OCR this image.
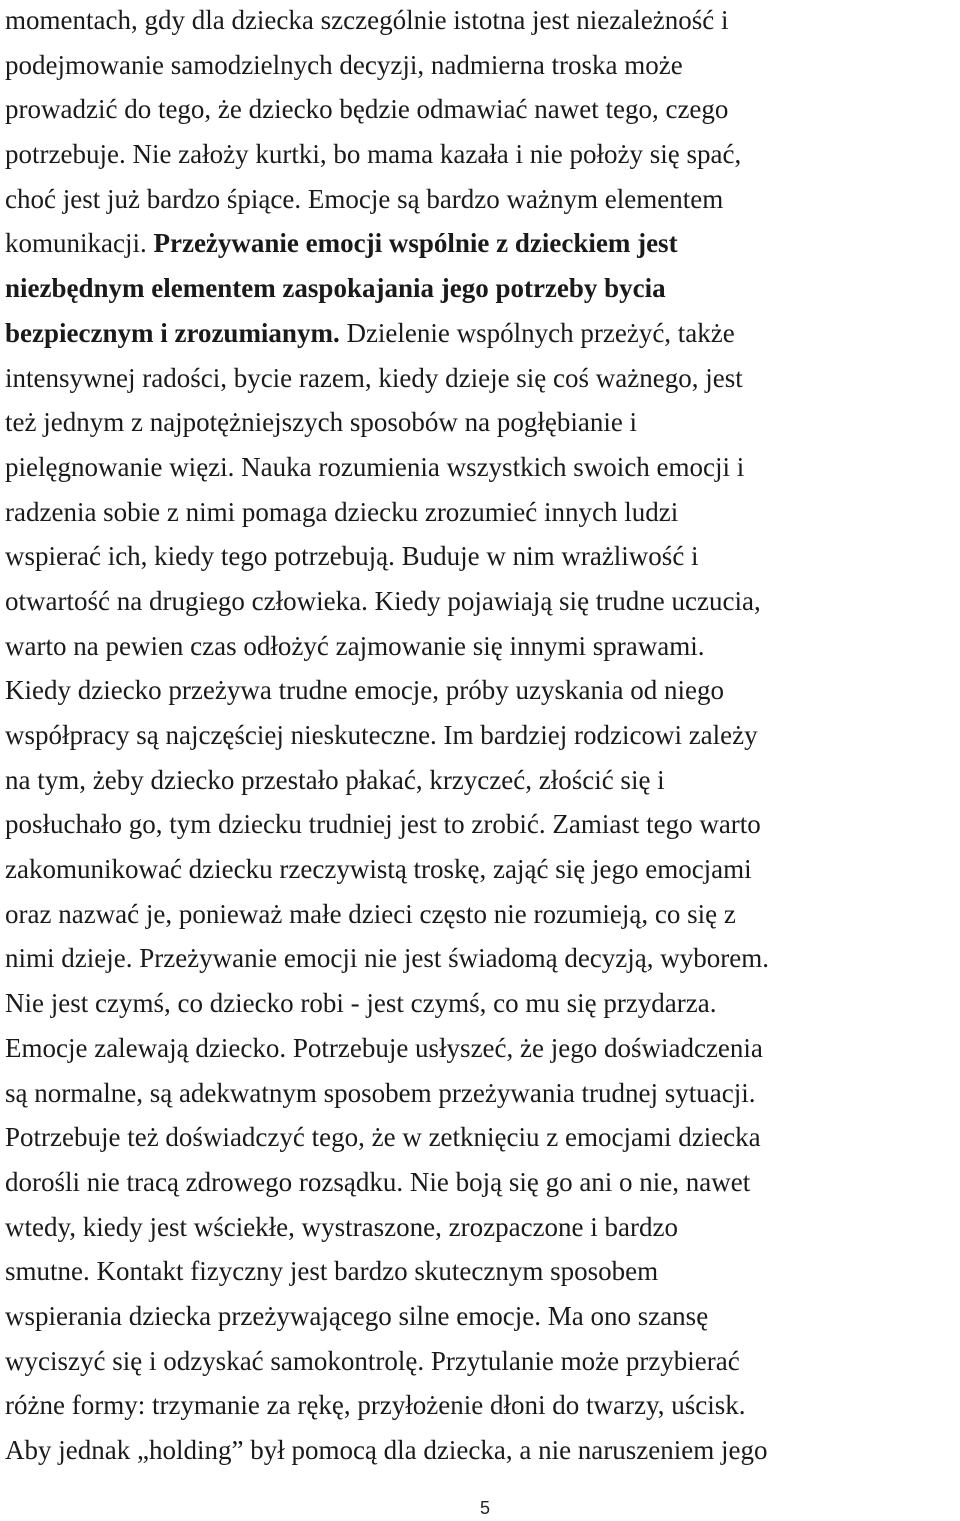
momentach, gdy dla dziecka szczególnie istotna jest niezależność i
podejmowanie samodzielnych decyzji, nadmierna troska może
prowadzić do tego, że dziecko będzie odmawiać nawet tego, czego
potrzebuje. Nie założy kurtki, bo mama kazała i nie położy się spać,
choć jest już bardzo śpiące. Emocje są bardzo ważnym elementem
komunikacji. Przeżywanie emocji wspólnie z dzieckiem jest
niezbędnym elementem zaspokajania jego potrzeby bycia
bezpiecznym i zrozumianym. Dzielenie wspólnych przeżyć, także
intensywnej radości, bycie razem, kiedy dzieje się coś ważnego, jest
też jednym z najpotężniejszych sposobów na pogłębianie i
pielęgnowanie więzi. Nauka rozumienia wszystkich swoich emocji i
radzenia sobie z nimi pomaga dziecku zrozumieć innych ludzi
wspierać ich, kiedy tego potrzebują. Buduje w nim wrażliwość i
otwartość na drugiego człowieka. Kiedy pojawiają się trudne uczucia,
warto na pewien czas odłożyć zajmowanie się innymi sprawami.
Kiedy dziecko przeżywa trudne emocje, próby uzyskania od niego
współpracy są najczęściej nieskuteczne. Im bardziej rodzicowi zależy
na tym, żeby dziecko przestało płakać, krzyczeć, złościć się i
posłuchało go, tym dziecku trudniej jest to zrobić. Zamiast tego warto
zakomunikować dziecku rzeczywistą troskę, zająć się jego emocjami
oraz nazwać je, ponieważ małe dzieci często nie rozumieją, co się z
nimi dzieje. Przeżywanie emocji nie jest świadomą decyzją, wyborem.
Nie jest czymś, co dziecko robi - jest czymś, co mu się przydarza.
Emocje zalewają dziecko. Potrzebuje usłyszeć, że jego doświadczenia
są normalne, są adekwatnym sposobem przeżywania trudnej sytuacji.
Potrzebuje też doświadczyć tego, że w zetknięciu z emocjami dziecka
dorośli nie tracą zdrowego rozsądku. Nie boją się go ani o nie, nawet
wtedy, kiedy jest wściekłe, wystraszone, zrozpaczone i bardzo
smutne. Kontakt fizyczny jest bardzo skutecznym sposobem
wspierania dziecka przeżywającego silne emocje. Ma ono szansę
wyciszyć się i odzyskać samokontrolę. Przytulanie może przybierać
różne formy: trzymanie za rękę, przyłożenie dłoni do twarzy, uścisk.
Aby jednak „holding” był pomocą dla dziecka, a nie naruszeniem jego
5
